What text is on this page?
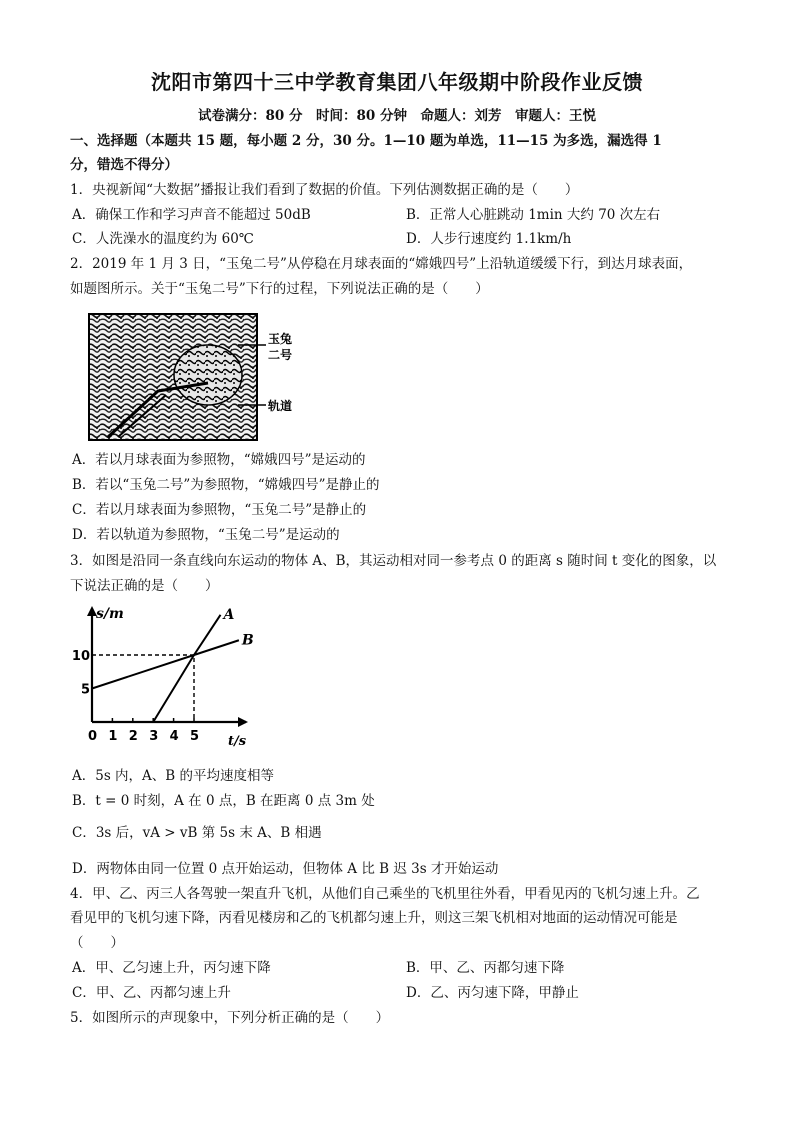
沈阳市第四十三中学教育集团八年级期中阶段作业反馈
试卷满分：80 分　时间：80 分钟　命题人：刘芳　审题人：王悦
一、选择题（本题共 15 题，每小题 2 分，30 分。1—10 题为单选，11—15 为多选，漏选得 1
分，错选不得分）
1．央视新闻“大数据”播报让我们看到了数据的价值。下列估测数据正确的是（　　）
A．确保工作和学习声音不能超过 50dB	B．正常人心脏跳动 1min 大约 70 次左右
C．人洗澡水的温度约为 60℃	D．人步行速度约 1.1km/h
2．2019 年 1 月 3 日，“玉兔二号”从停稳在月球表面的“嫦娥四号”上沿轨道缓缓下行，到达月球表面，
如题图所示。关于“玉兔二号”下行的过程，下列说法正确的是（　　）
玉兔
二号
轨道
A．若以月球表面为参照物，“嫦娥四号”是运动的
B．若以“玉兔二号”为参照物，“嫦娥四号”是静止的
C．若以月球表面为参照物，“玉兔二号”是静止的
D．若以轨道为参照物，“玉兔二号”是运动的
3．如图是沿同一条直线向东运动的物体 A、B，其运动相对同一参考点 0 的距离 s 随时间 t 变化的图象，以
下说法正确的是（　　）
s/m
t/s
0 1 2 3 4 5
5
10
A
B
A．5s 内，A、B 的平均速度相等
B．t = 0 时刻，A 在 0 点，B 在距离 0 点 3m 处
C．3s 后，vA > vB 第 5s 末 A、B 相遇
D．两物体由同一位置 0 点开始运动，但物体 A 比 B 迟 3s 才开始运动
4．甲、乙、丙三人各驾驶一架直升飞机，从他们自己乘坐的飞机里往外看，甲看见丙的飞机匀速上升。乙
看见甲的飞机匀速下降，丙看见楼房和乙的飞机都匀速上升，则这三架飞机相对地面的运动情况可能是
（　　）
A．甲、乙匀速上升，丙匀速下降	B．甲、乙、丙都匀速下降
C．甲、乙、丙都匀速上升	D．乙、丙匀速下降，甲静止
5．如图所示的声现象中，下列分析正确的是（　　）
